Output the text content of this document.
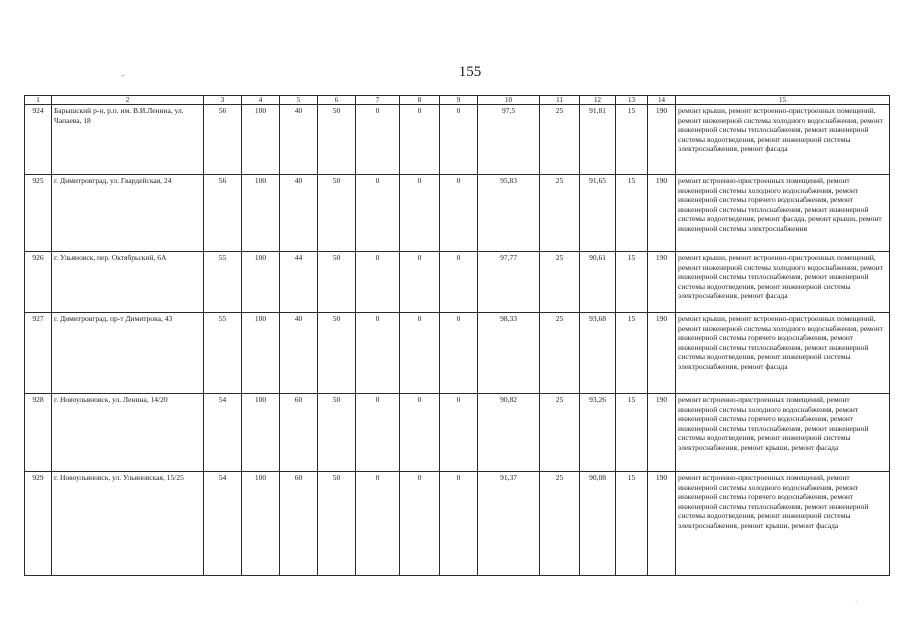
155
˜
·
1	2	3	4	5	6	7	8	9	10	11	12	13	14	15
924	Барышский р-н, р.п. им. В.И.Ленина, ул. Чапаева, 18	56	100	40	50	0	0	0	97,5	25	91,81	15	190	ремонт крыши, ремонт встроенно-пристроенных помещений, ремонт инженерной системы холодного водоснабжения, ремонт инженерной системы теплоснабжения, ремонт инженерной системы водоотведения, ремонт инженерной системы электроснабжения, ремонт фасада
925	г. Димитровград, ул. Гвардейская, 24	56	100	40	50	0	0	0	95,83	25	91,65	15	190	ремонт встроенно-пристроенных помещений, ремонт инженерной системы холодного водоснабжения, ремонт инженерной системы горячего водоснабжения, ремонт инженерной системы теплоснабжения, ремонт инженерной системы водоотведения, ремонт фасада, ремонт крыши, ремонт инженерной системы электроснабжения
926	г. Ульяновск, пер. Октябрьский, 6А	55	100	44	50	0	0	0	97,77	25	90,61	15	190	ремонт крыши, ремонт встроенно-пристроенных помещений, ремонт инженерной системы холодного водоснабжения, ремонт инженерной системы теплоснабжения, ремонт инженерной системы водоотведения, ремонт инженерной системы электроснабжения, ремонт фасада
927	г. Димитровград, пр-т Димитрова, 43	55	100	40	50	0	0	0	98,33	25	93,68	15	190	ремонт крыши, ремонт встроенно-пристроенных помещений, ремонт инженерной системы холодного водоснабжения, ремонт инженерной системы горячего водоснабжения, ремонт инженерной системы теплоснабжения, ремонт инженерной системы водоотведения, ремонт инженерной системы электроснабжения, ремонт фасада
928	г. Новоульяновск, ул. Ленина, 14/20	54	100	60	50	0	0	0	90,82	25	93,26	15	190	ремонт встроенно-пристроенных помещений, ремонт инженерной системы холодного водоснабжения, ремонт инженерной системы горячего водоснабжения, ремонт инженерной системы теплоснабжения, ремонт инженерной системы водоотведения, ремонт инженерной системы электроснабжения, ремонт крыши, ремонт фасада
929	г. Новоульяновск, ул. Ульяновская, 15/25	54	100	60	50	0	0	0	91,37	25	90,08	15	190	ремонт встроенно-пристроенных помещений, ремонт инженерной системы холодного водоснабжения, ремонт инженерной системы горячего водоснабжения, ремонт инженерной системы теплоснабжения, ремонт инженерной системы водоотведения, ремонт инженерной системы электроснабжения, ремонт крыши, ремонт фасада
